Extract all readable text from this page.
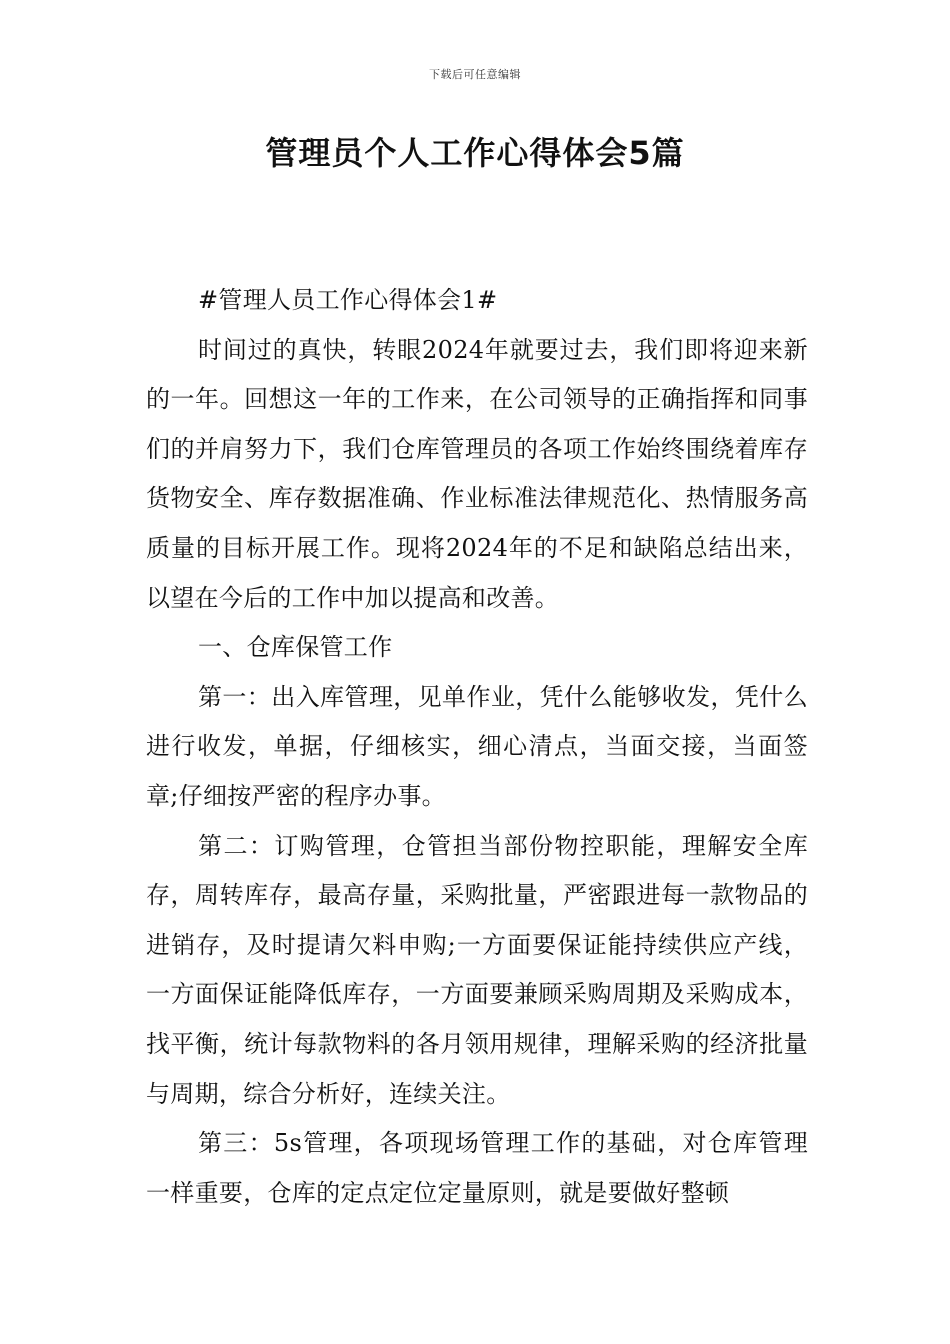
下载后可任意编辑
管理员个人工作心得体会5篇

#管理人员工作心得体会1#

时间过的真快，转眼2024年就要过去，我们即将迎来新的一年。回想这一年的工作来，在公司领导的正确指挥和同事们的并肩努力下，我们仓库管理员的各项工作始终围绕着库存货物安全、库存数据准确、作业标准法律规范化、热情服务高质量的目标开展工作。现将2024年的不足和缺陷总结出来，以望在今后的工作中加以提高和改善。

一、仓库保管工作

第一：出入库管理，见单作业，凭什么能够收发，凭什么进行收发，单据，仔细核实，细心清点，当面交接，当面签章;仔细按严密的程序办事。

第二：订购管理，仓管担当部份物控职能，理解安全库存，周转库存，最高存量，采购批量，严密跟进每一款物品的进销存，及时提请欠料申购;一方面要保证能持续供应产线，一方面保证能降低库存，一方面要兼顾采购周期及采购成本，找平衡，统计每款物料的各月领用规律，理解采购的经济批量与周期，综合分析好，连续关注。

第三：5s管理，各项现场管理工作的基础，对仓库管理一样重要，仓库的定点定位定量原则，就是要做好整顿
